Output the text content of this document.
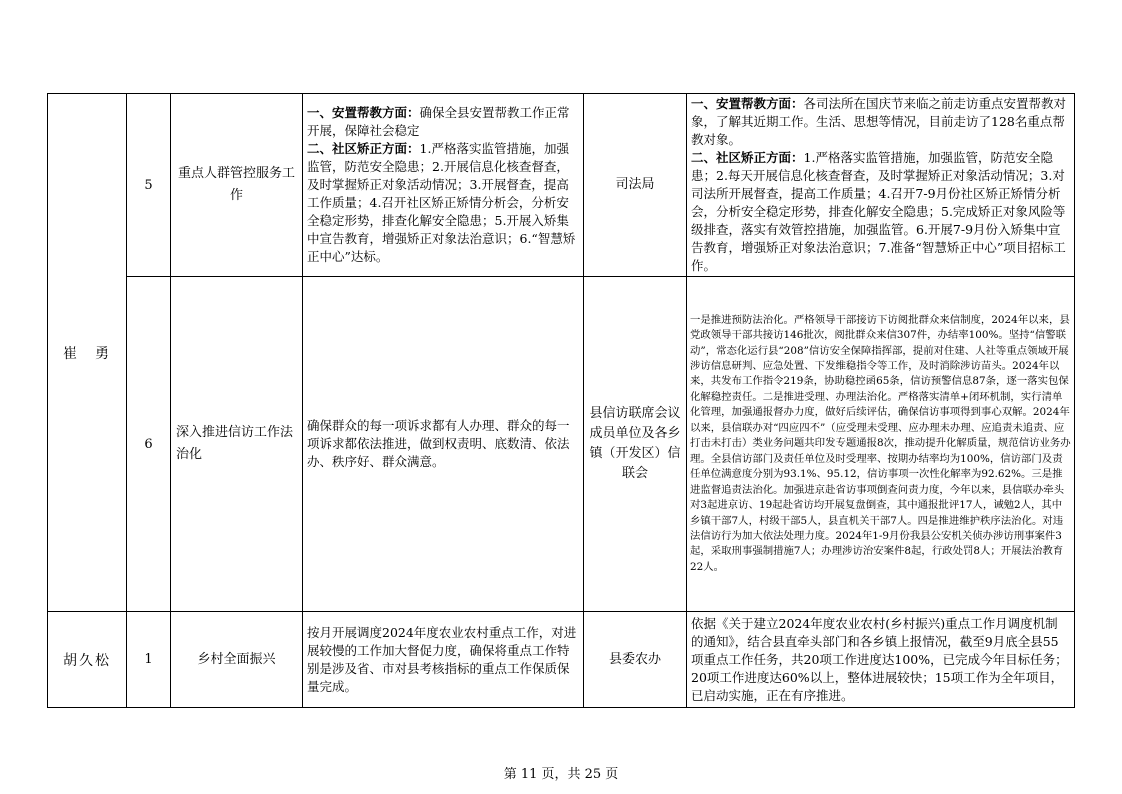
崔　勇	5	重点人群管控服务工作	一、安置帮教方面：确保全县安置帮教工作正常开展，保障社会稳定
二、社区矫正方面：1.严格落实监管措施，加强监管，防范安全隐患；2.开展信息化核查督查，及时掌握矫正对象活动情况；3.开展督查，提高工作质量；4.召开社区矫正矫情分析会，分析安全稳定形势，排查化解安全隐患；5.开展入矫集中宣告教育，增强矫正对象法治意识；6.“智慧矫正中心”达标。	司法局	一、安置帮教方面：各司法所在国庆节来临之前走访重点安置帮教对象，了解其近期工作。生活、思想等情况，目前走访了128名重点帮教对象。
二、社区矫正方面：1.严格落实监管措施，加强监管，防范安全隐患；2.每天开展信息化核查督查，及时掌握矫正对象活动情况；3.对司法所开展督查，提高工作质量；4.召开7-9月份社区矫正矫情分析会，分析安全稳定形势，排查化解安全隐患；5.完成矫正对象风险等级排查，落实有效管控措施，加强监管。6.开展7-9月份入矫集中宣告教育，增强矫正对象法治意识；7.准备“智慧矫正中心”项目招标工作。
	6	深入推进信访工作法治化	确保群众的每一项诉求都有人办理、群众的每一项诉求都依法推进，做到权责明、底数清、依法办、秩序好、群众满意。	县信访联席会议成员单位及各乡镇（开发区）信联会	一是推进预防法治化。严格领导干部接访下访阅批群众来信制度，2024年以来，县党政领导干部共接访146批次，阅批群众来信307件，办结率100%。坚持“信警联动”，常态化运行县“208”信访安全保障指挥部，提前对住建、人社等重点领域开展涉访信息研判、应急处置、下发维稳指令等工作，及时消除涉访苗头。2024年以来，共发布工作指令219条，协助稳控函65条，信访预警信息87条，逐一落实包保化解稳控责任。二是推进受理、办理法治化。严格落实清单+闭环机制，实行清单化管理，加强通报督办力度，做好后续评估，确保信访事项得到事心双解。2024年以来，县信联办对“四应四不”（应受理未受理、应办理未办理、应追责未追责、应打击未打击）类业务问题共印发专题通报8次，推动提升化解质量，规范信访业务办理。全县信访部门及责任单位及时受理率、按期办结率均为100%，信访部门及责任单位满意度分别为93.1%、95.12，信访事项一次性化解率为92.62%。三是推进监督追责法治化。加强进京赴省访事项倒查问责力度，今年以来，县信联办牵头对3起进京访、19起赴省访均开展复盘倒查，其中通报批评17人，诫勉2人，其中乡镇干部7人，村级干部5人，县直机关干部7人。四是推进维护秩序法治化。对违法信访行为加大依法处理力度。2024年1-9月份我县公安机关侦办涉访刑事案件3起，采取刑事强制措施7人；办理涉访治安案件8起，行政处罚8人；开展法治教育22人。
胡久松	1	乡村全面振兴	按月开展调度2024年度农业农村重点工作，对进展较慢的工作加大督促力度，确保将重点工作特别是涉及省、市对县考核指标的重点工作保质保量完成。	县委农办	依据《关于建立2024年度农业农村(乡村振兴)重点工作月调度机制的通知》，结合县直牵头部门和各乡镇上报情况，截至9月底全县55项重点工作任务，共20项工作进度达100%，已完成今年目标任务；20项工作进度达60%以上，整体进展较快；15项工作为全年项目，已启动实施，正在有序推进。
第 11 页，共 25 页
